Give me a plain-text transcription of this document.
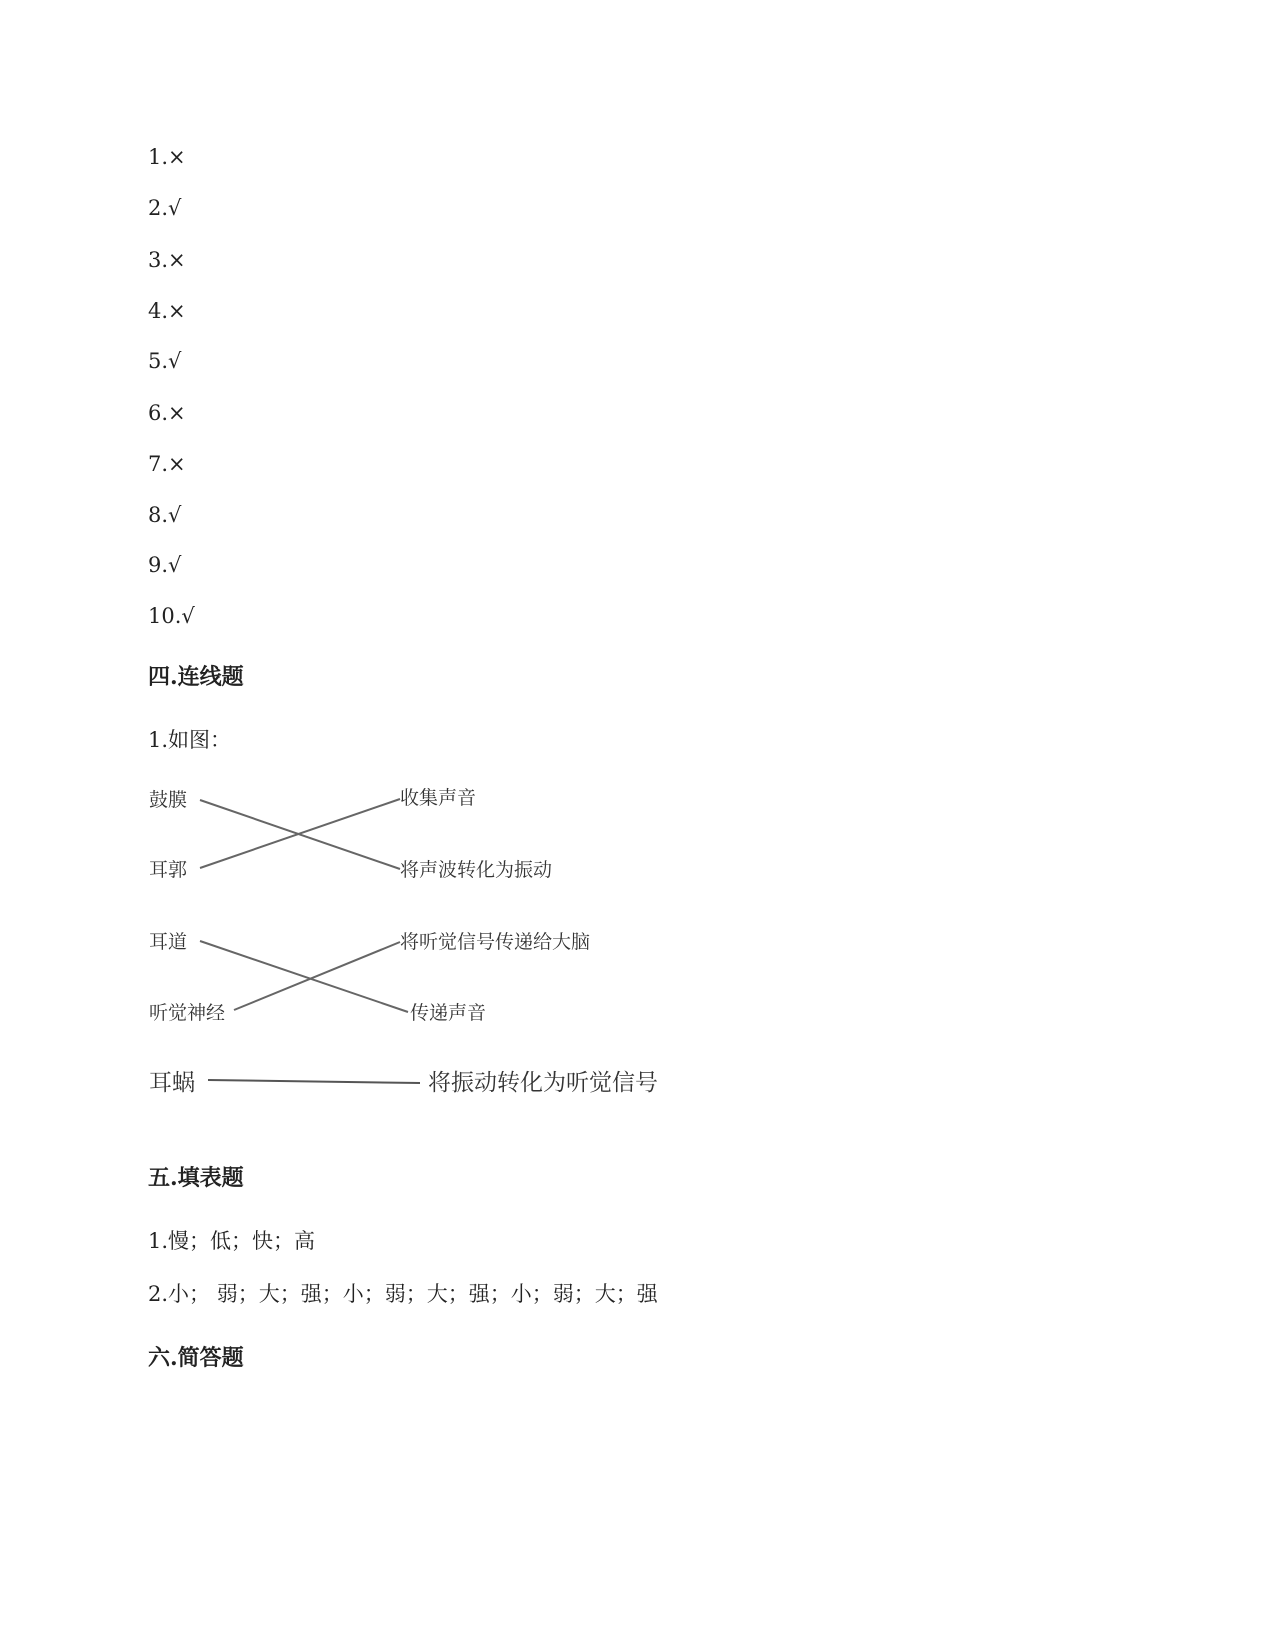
1.×
2.√
3.×
4.×
5.√
6.×
7.×
8.√
9.√
10.√
四.连线题
1.如图：
鼓膜
耳郭
耳道
听觉神经
耳蜗
收集声音
将声波转化为振动
将听觉信号传递给大脑
传递声音
将振动转化为听觉信号
五.填表题
1.慢；低；快；高
2.小； 弱；大；强；小；弱；大；强；小；弱；大；强
六.简答题
